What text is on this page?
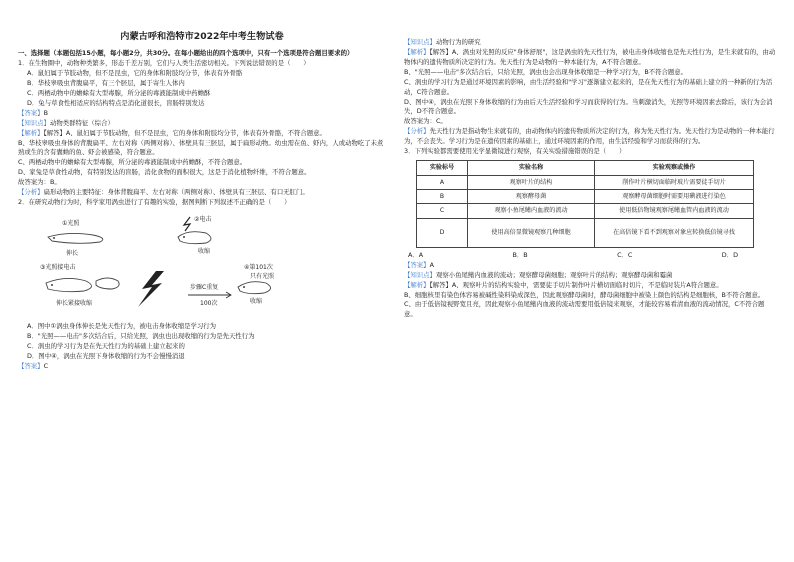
内蒙古呼和浩特市2022年中考生物试卷

一、选择题（本题包括15小题，每小题2分，共30分。在每小题给出的四个选项中，只有一个选项是符合题目要求的）

1．在生物圈中，动物种类繁多，形态千差万别，它们与人类生活密切相关。下列说法错误的是（　　）

A．鼠妇属于节肢动物，但不是昆虫，它的身体和附肢均分节，体表有外骨骼

B．华枝睾吸虫背腹扁平，有三个胚层，属于寄生人体内

C．两栖动物中的蟾蜍有大型毒腺，所分泌的毒液能制成中药蟾酥

D．兔与草食性相适应的结构特点是消化道很长，盲肠特别发达

【答案】B

【知识点】动物类群特征（综合）

【解析】【解答】A、鼠妇属于节肢动物，但不是昆虫，它的身体和附肢均分节，体表有外骨骼，不符合题意。

B、华枝睾吸虫身体的背腹扁平、左右对称（两侧对称）、体壁具有三胚层，属于扁形动物。幼虫需在鱼、虾内，人或动物吃了未煮熟或生的含有囊蚴的鱼、虾会被感染，符合题意。

C、两栖动物中的蟾蜍有大型毒腺，所分泌的毒液能制成中药蟾酥，不符合题意。

D、家兔是草食性动物，有特别发达的盲肠，消化食物的面积很大，这是于消化植物纤维，不符合题意。

故答案为：B。

【分析】扁形动物的主要特征：身体背腹扁平、左右对称（两侧对称）、体壁具有三胚层、有口无肛门。

2．在研究动物行为时，科学家用涡虫进行了有趣的实验，据图判断下列叙述不正确的是（　　）

①光照
伸长
②电击
收缩
③光照接电击
伸长紧接收缩
步骤C重复
100次
④第101次
只有光照
收缩

A．图中①涡虫身体伸长是先天性行为，被电击身体收缩是学习行为

B．"光照——电击"多次结合后，只给光照，涡虫也出现收缩的行为是先天性行为

C．涡虫的学习行为是在先天性行为的基础上建立起来的

D．图中④，涡虫在光照下身体收缩的行为不会慢慢消退

【答案】C

【知识点】动物行为的研究

【解析】【解答】A、涡虫对光照的反应"身体舒展"，这是涡虫的先天性行为，被电击身体收缩也是先天性行为，是生来就有的，由动物体内的遗传物质所决定的行为。先天性行为是动物的一种本能行为，A不符合题意。

B、"光照——电击"多次结合后，只给光照，涡虫也会出现身体收缩是一种学习行为，B不符合题意。

C、涡虫的学习行为是通过环境因素的影响，由生活经验和"学习"逐渐建立起来的，是在先天性行为的基础上建立的一种新的行为活动，C符合题意。

D、图中④，涡虫在光照下身体收缩的行为由后天生活经验和学习而获得的行为。当刺激消失，光照等环境因素去除后，该行为会消失，D不符合题意。

故答案为：C。

【分析】先天性行为是指动物生来就有的，由动物体内的遗传物质所决定的行为，称为先天性行为。先天性行为是动物的一种本能行为，不会丧失。学习行为是在遗传因素的基础上，通过环境因素的作用，由生活经验和学习而获得的行为。

3．下列实验都需要使用光学显微镜进行观察，有关实验措施错误的是（　　）

实验标号	实验名称	实验观察或操作
A	观察叶片的结构	削作叶片横切面临时玻片需要徒手切片
B	观察酵母菌	观察酵母菌细胞时需要用碘液进行染色
C	观察小鱼尾鳍内血液的流动	使用低倍物镜观察尾鳍血管内血液的流动
D	使用高倍显微镜观察几种细胞	在高倍镜下看不到观察对象应转换低倍镜寻找
A．A	B．B	C．C	D．D

【答案】A

【知识点】观察小鱼尾鳍内血液的流动；观察酵母菌细胞；观察叶片的结构；观察酵母菌和霉菌

【解析】【解答】A、观察叶片的结构实验中，需要徒手切片制作叶片横切面临时切片，不是临时装片A符合题意。

B、细胞核里有染色体容易被碱性染料染成深色，因此观察酵母菌时，酵母菌细胞中被染上颜色的结构是细胞核，B不符合题意。

C、由于低倍镜视野宽且亮，因此观察小鱼尾鳍内血液的流动需要用低倍镜来观察，才能较容易看清血液的流动情况，C不符合题意。
